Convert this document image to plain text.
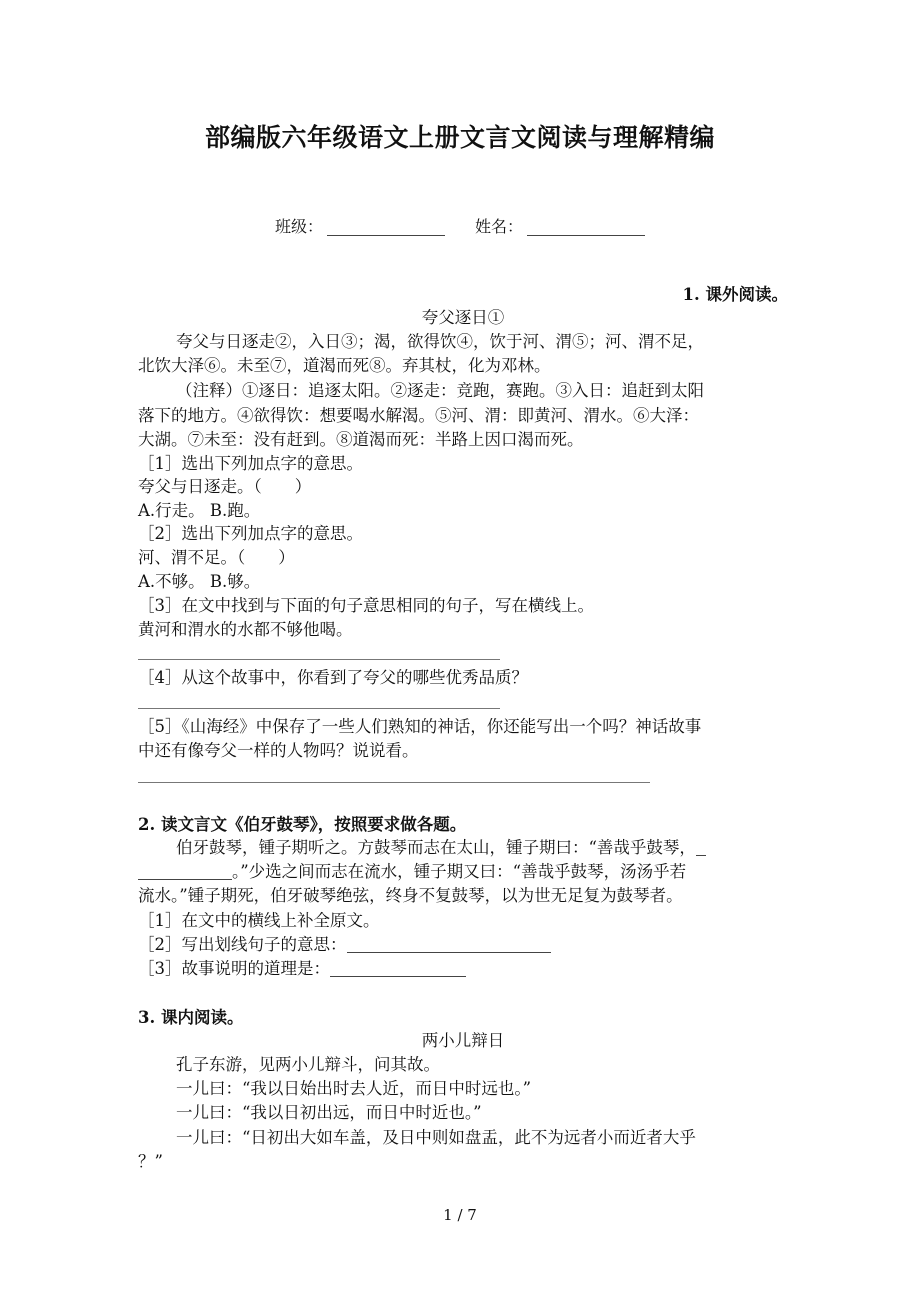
部编版六年级语文上册文言文阅读与理解精编
班级：	姓名：
1. 课外阅读。
夸父逐日①
夸父与日逐走②，入日③；渴，欲得饮④，饮于河、渭⑤；河、渭不足，
北饮大泽⑥。未至⑦，道渴而死⑧。弃其杖，化为邓林。
（注释）①逐日：追逐太阳。②逐走：竞跑，赛跑。③入日：追赶到太阳
落下的地方。④欲得饮：想要喝水解渴。⑤河、渭：即黄河、渭水。⑥大泽：
大湖。⑦未至：没有赶到。⑧道渴而死：半路上因口渴而死。
［1］选出下列加点字的意思。
夸父与日逐走。（　　）
A.行走。 B.跑。
［2］选出下列加点字的意思。
河、渭不足。（　　）
A.不够。 B.够。
［3］在文中找到与下面的句子意思相同的句子，写在横线上。
黄河和渭水的水都不够他喝。
［4］从这个故事中，你看到了夸父的哪些优秀品质？
［5］《山海经》中保存了一些人们熟知的神话，你还能写出一个吗？神话故事
中还有像夸父一样的人物吗？说说看。
2. 读文言文《伯牙鼓琴》，按照要求做各题。
伯牙鼓琴，锺子期听之。方鼓琴而志在太山，锺子期曰：“善哉乎鼓琴，
。”少选之间而志在流水，锺子期又曰：“善哉乎鼓琴，汤汤乎若
流水。”锺子期死，伯牙破琴绝弦，终身不复鼓琴，以为世无足复为鼓琴者。
［1］在文中的横线上补全原文。
［2］写出划线句子的意思：
［3］故事说明的道理是：
3. 课内阅读。
两小儿辩日
孔子东游，见两小儿辩斗，问其故。
一儿曰：“我以日始出时去人近，而日中时远也。”
一儿曰：“我以日初出远，而日中时近也。”
一儿曰：“日初出大如车盖，及日中则如盘盂，此不为远者小而近者大乎
？”
1 / 7
